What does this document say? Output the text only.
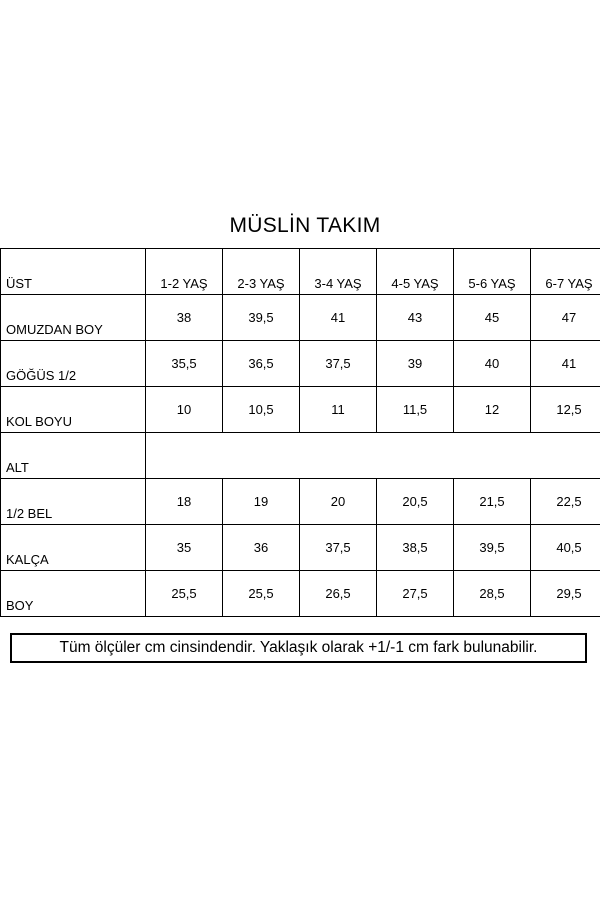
MÜSLİN TAKIM
ÜST	1-2 YAŞ	2-3 YAŞ	3-4 YAŞ	4-5 YAŞ	5-6 YAŞ	6-7 YAŞ

OMUZDAN BOY	38	39,5	41	43	45	47

GÖĞÜS 1/2	35,5	36,5	37,5	39	40	41

KOL BOYU	10	10,5	11	11,5	12	12,5

ALT						

1/2 BEL	18	19	20	20,5	21,5	22,5

KALÇA	35	36	37,5	38,5	39,5	40,5

BOY	25,5	25,5	26,5	27,5	28,5	29,5
Tüm ölçüler cm cinsindendir. Yaklaşık olarak +1/-1 cm fark bulunabilir.
